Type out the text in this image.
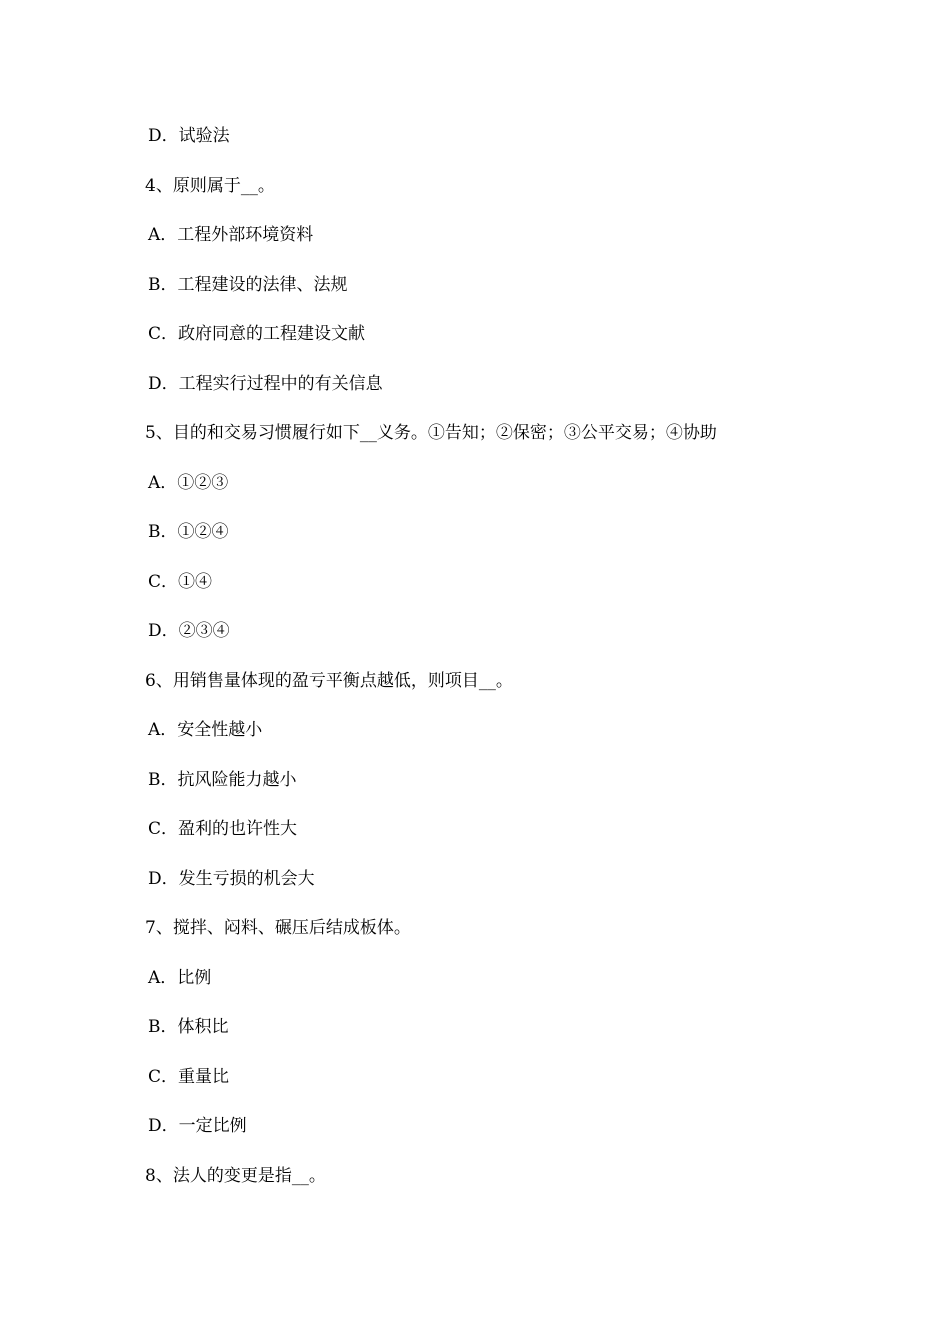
D．试验法
4、原则属于__。
A．工程外部环境资料
B．工程建设的法律、法规
C．政府同意的工程建设文献
D．工程实行过程中的有关信息
5、目的和交易习惯履行如下__义务。①告知；②保密；③公平交易；④协助
A．①②③
B．①②④
C．①④
D．②③④
6、用销售量体现的盈亏平衡点越低，则项目__。
A．安全性越小
B．抗风险能力越小
C．盈利的也许性大
D．发生亏损的机会大
7、搅拌、闷料、碾压后结成板体。
A．比例
B．体积比
C．重量比
D．一定比例
8、法人的变更是指__。
